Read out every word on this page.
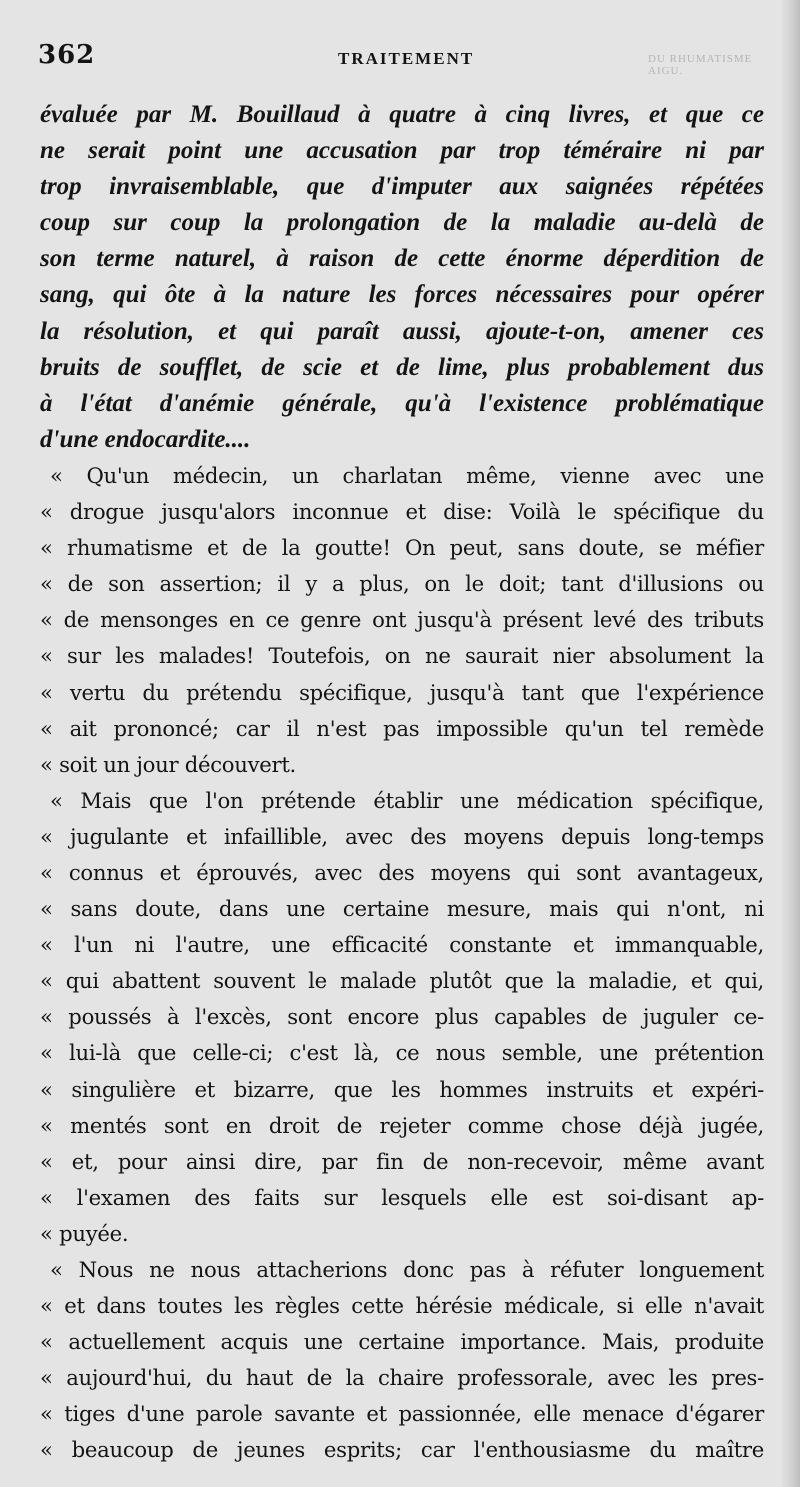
362	TRAITEMENT	DU RHUMATISME AIGU.
évaluée par M. Bouillaud à quatre à cinq livres, et que ce
ne serait point une accusation par trop téméraire ni par
trop invraisemblable, que d'imputer aux saignées répétées
coup sur coup la prolongation de la maladie au-delà de
son terme naturel, à raison de cette énorme déperdition de
sang, qui ôte à la nature les forces nécessaires pour opérer
la résolution, et qui paraît aussi, ajoute-t-on, amener ces
bruits de soufflet, de scie et de lime, plus probablement dus
à l'état d'anémie générale, qu'à l'existence problématique
d'une endocardite....
« Qu'un médecin, un charlatan même, vienne avec une
« drogue jusqu'alors inconnue et dise: Voilà le spécifique du
« rhumatisme et de la goutte! On peut, sans doute, se méfier
« de son assertion; il y a plus, on le doit; tant d'illusions ou
« de mensonges en ce genre ont jusqu'à présent levé des tributs
« sur les malades! Toutefois, on ne saurait nier absolument la
« vertu du prétendu spécifique, jusqu'à tant que l'expérience
« ait prononcé; car il n'est pas impossible qu'un tel remède
« soit un jour découvert.
« Mais que l'on prétende établir une médication spécifique,
« jugulante et infaillible, avec des moyens depuis long-temps
« connus et éprouvés, avec des moyens qui sont avantageux,
« sans doute, dans une certaine mesure, mais qui n'ont, ni
« l'un ni l'autre, une efficacité constante et immanquable,
« qui abattent souvent le malade plutôt que la maladie, et qui,
« poussés à l'excès, sont encore plus capables de juguler ce-
« lui-là que celle-ci; c'est là, ce nous semble, une prétention
« singulière et bizarre, que les hommes instruits et expéri-
« mentés sont en droit de rejeter comme chose déjà jugée,
« et, pour ainsi dire, par fin de non-recevoir, même avant
« l'examen des faits sur lesquels elle est soi-disant ap-
« puyée.
« Nous ne nous attacherions donc pas à réfuter longuement
« et dans toutes les règles cette hérésie médicale, si elle n'avait
« actuellement acquis une certaine importance. Mais, produite
« aujourd'hui, du haut de la chaire professorale, avec les pres-
« tiges d'une parole savante et passionnée, elle menace d'égarer
« beaucoup de jeunes esprits; car l'enthousiasme du maître
